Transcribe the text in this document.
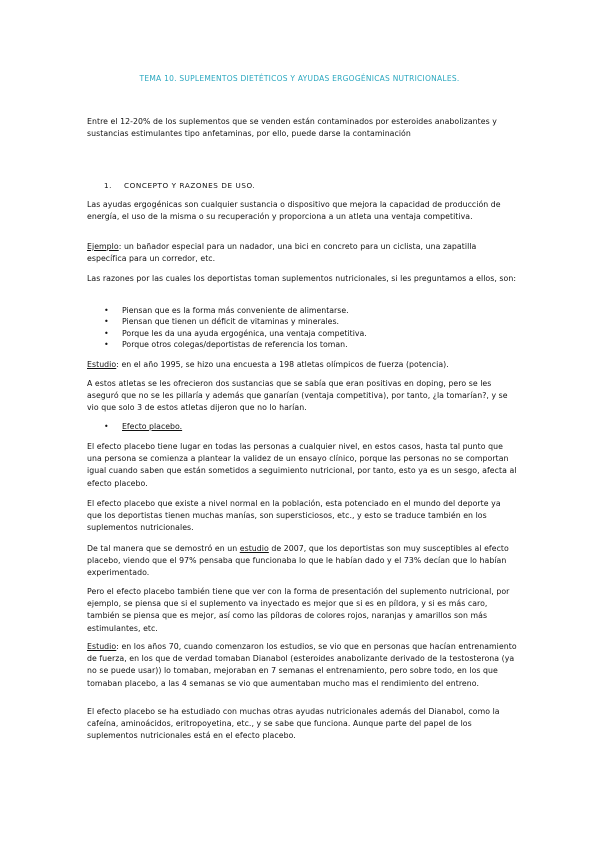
TEMA 10. SUPLEMENTOS DIETÉTICOS Y AYUDAS ERGOGÉNICAS NUTRICIONALES.

Entre el 12-20% de los suplementos que se venden están contaminados por esteroides anabolizantes y sustancias estimulantes tipo anfetaminas, por ello, puede darse la contaminación

1. CONCEPTO Y RAZONES DE USO.

Las ayudas ergogénicas son cualquier sustancia o dispositivo que mejora la capacidad de producción de energía, el uso de la misma o su recuperación y proporciona a un atleta una ventaja competitiva.

Ejemplo: un bañador especial para un nadador, una bici en concreto para un ciclista, una zapatilla específica para un corredor, etc.

Las razones por las cuales los deportistas toman suplementos nutricionales, si les preguntamos a ellos, son:

• Piensan que es la forma más conveniente de alimentarse.
• Piensan que tienen un déficit de vitaminas y minerales.
• Porque les da una ayuda ergogénica, una ventaja competitiva.
• Porque otros colegas/deportistas de referencia los toman.

Estudio: en el año 1995, se hizo una encuesta a 198 atletas olímpicos de fuerza (potencia).

A estos atletas se les ofrecieron dos sustancias que se sabía que eran positivas en doping, pero se les aseguró que no se les pillaría y además que ganarían (ventaja competitiva), por tanto, ¿la tomarían?, y se vio que solo 3 de estos atletas dijeron que no lo harían.

• Efecto placebo.

El efecto placebo tiene lugar en todas las personas a cualquier nivel, en estos casos, hasta tal punto que una persona se comienza a plantear la validez de un ensayo clínico, porque las personas no se comportan igual cuando saben que están sometidos a seguimiento nutricional, por tanto, esto ya es un sesgo, afecta al efecto placebo.

El efecto placebo que existe a nivel normal en la población, esta potenciado en el mundo del deporte ya que los deportistas tienen muchas manías, son supersticiosos, etc., y esto se traduce también en los suplementos nutricionales.

De tal manera que se demostró en un estudio de 2007, que los deportistas son muy susceptibles al efecto placebo, viendo que el 97% pensaba que funcionaba lo que le habían dado y el 73% decían que lo habían experimentado.

Pero el efecto placebo también tiene que ver con la forma de presentación del suplemento nutricional, por ejemplo, se piensa que si el suplemento va inyectado es mejor que si es en píldora, y si es más caro, también se piensa que es mejor, así como las píldoras de colores rojos, naranjas y amarillos son más estimulantes, etc.

Estudio: en los años 70, cuando comenzaron los estudios, se vio que en personas que hacían entrenamiento de fuerza, en los que de verdad tomaban Dianabol (esteroides anabolizante derivado de la testosterona (ya no se puede usar)) lo tomaban, mejoraban en 7 semanas el entrenamiento, pero sobre todo, en los que tomaban placebo, a las 4 semanas se vio que aumentaban mucho mas el rendimiento del entreno.

El efecto placebo se ha estudiado con muchas otras ayudas nutricionales además del Dianabol, como la cafeína, aminoácidos, eritropoyetina, etc., y se sabe que funciona. Aunque parte del papel de los suplementos nutricionales está en el efecto placebo.
